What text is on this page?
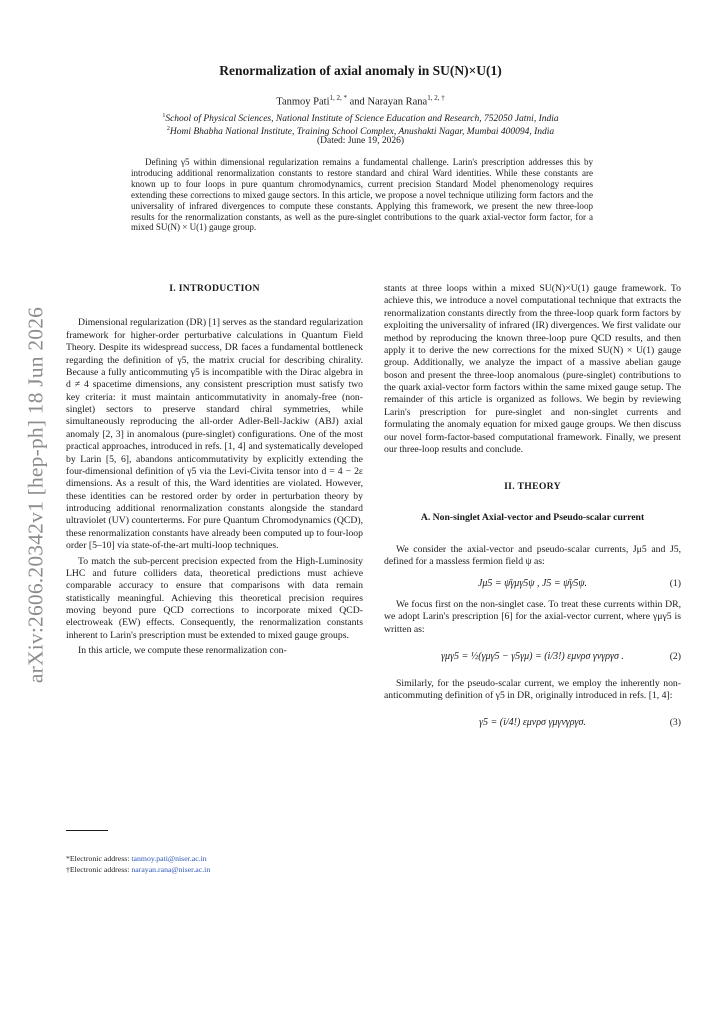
arXiv:2606.20342v1 [hep-ph] 18 Jun 2026
Renormalization of axial anomaly in SU(N)×U(1)
Tanmoy Pati$^{1, 2, *}$ and Narayan Rana$^{1, 2, \dagger}$
$^1$School of Physical Sciences, National Institute of Science Education and Research, 752050 Jatni, India
$^2$Homi Bhabha National Institute, Training School Complex, Anushakti Nagar, Mumbai 400094, India
(Dated: June 19, 2026)

Defining γ5 within dimensional regularization remains a fundamental challenge. Larin's prescription addresses this by introducing additional renormalization constants to restore standard and chiral Ward identities. While these constants are known up to four loops in pure quantum chromodynamics, current precision Standard Model phenomenology requires extending these corrections to mixed gauge sectors. In this article, we propose a novel technique utilizing form factors and the universality of infrared divergences to compute these constants. Applying this framework, we present the new three-loop results for the renormalization constants, as well as the pure-singlet contributions to the quark axial-vector form factor, for a mixed SU(N) × U(1) gauge group.

I. INTRODUCTION

Dimensional regularization (DR) [1] serves as the standard regularization framework for higher-order perturbative calculations in Quantum Field Theory. Despite its widespread success, DR faces a fundamental bottleneck regarding the definition of γ5, the matrix crucial for describing chirality. Because a fully anticommuting γ5 is incompatible with the Dirac algebra in d ≠ 4 spacetime dimensions, any consistent prescription must satisfy two key criteria: it must maintain anticommutativity in anomaly-free (non-singlet) sectors to preserve standard chiral symmetries, while simultaneously reproducing the all-order Adler-Bell-Jackiw (ABJ) axial anomaly [2, 3] in anomalous (pure-singlet) configurations. One of the most practical approaches, introduced in refs. [1, 4] and systematically developed by Larin [5, 6], abandons anticommutativity by explicitly extending the four-dimensional definition of γ5 via the Levi-Civita tensor into d = 4 − 2ε dimensions. As a result of this, the Ward identities are violated. However, these identities can be restored order by order in perturbation theory by introducing additional renormalization constants alongside the standard ultraviolet (UV) counterterms. For pure Quantum Chromodynamics (QCD), these renormalization constants have already been computed up to four-loop order [5–10] via state-of-the-art multi-loop techniques.

To match the sub-percent precision expected from the High-Luminosity LHC and future colliders data, theoretical predictions must achieve comparable accuracy to ensure that comparisons with data remain statistically meaningful. Achieving this theoretical precision requires moving beyond pure QCD corrections to incorporate mixed QCD-electroweak (EW) effects. Consequently, the renormalization constants inherent to Larin's prescription must be extended to mixed gauge groups.

In this article, we compute these renormalization con-

stants at three loops within a mixed SU(N)×U(1) gauge framework. To achieve this, we introduce a novel computational technique that extracts the renormalization constants directly from the three-loop quark form factors by exploiting the universality of infrared (IR) divergences. We first validate our method by reproducing the known three-loop pure QCD results, and then apply it to derive the new corrections for the mixed SU(N) × U(1) gauge group. Additionally, we analyze the impact of a massive abelian gauge boson and present the three-loop anomalous (pure-singlet) contributions to the quark axial-vector form factors within the same mixed gauge setup. The remainder of this article is organized as follows. We begin by reviewing Larin's prescription for pure-singlet and non-singlet currents and formulating the anomaly equation for mixed gauge groups. We then discuss our novel form-factor-based computational framework. Finally, we present our three-loop results and conclude.

II. THEORY
A. Non-singlet Axial-vector and Pseudo-scalar current

We consider the axial-vector and pseudo-scalar currents, Jμ5 and J5, defined for a massless fermion field ψ as:

Jμ5 = ψ̄γμγ5ψ , J5 = ψ̄γ5ψ.	(1)

We focus first on the non-singlet case. To treat these currents within DR, we adopt Larin's prescription [6] for the axial-vector current, where γμγ5 is written as:

γμγ5 = ½(γμγ5 − γ5γμ) = (i/3!) εμνρσ γνγργσ .	(2)

Similarly, for the pseudo-scalar current, we employ the inherently non-anticommuting definition of γ5 in DR, originally introduced in refs. [1, 4]:

γ5 = (i/4!) εμνρσ γμγνγργσ.	(3)
*Electronic address: tanmoy.pati@niser.ac.in
†Electronic address: narayan.rana@niser.ac.in
